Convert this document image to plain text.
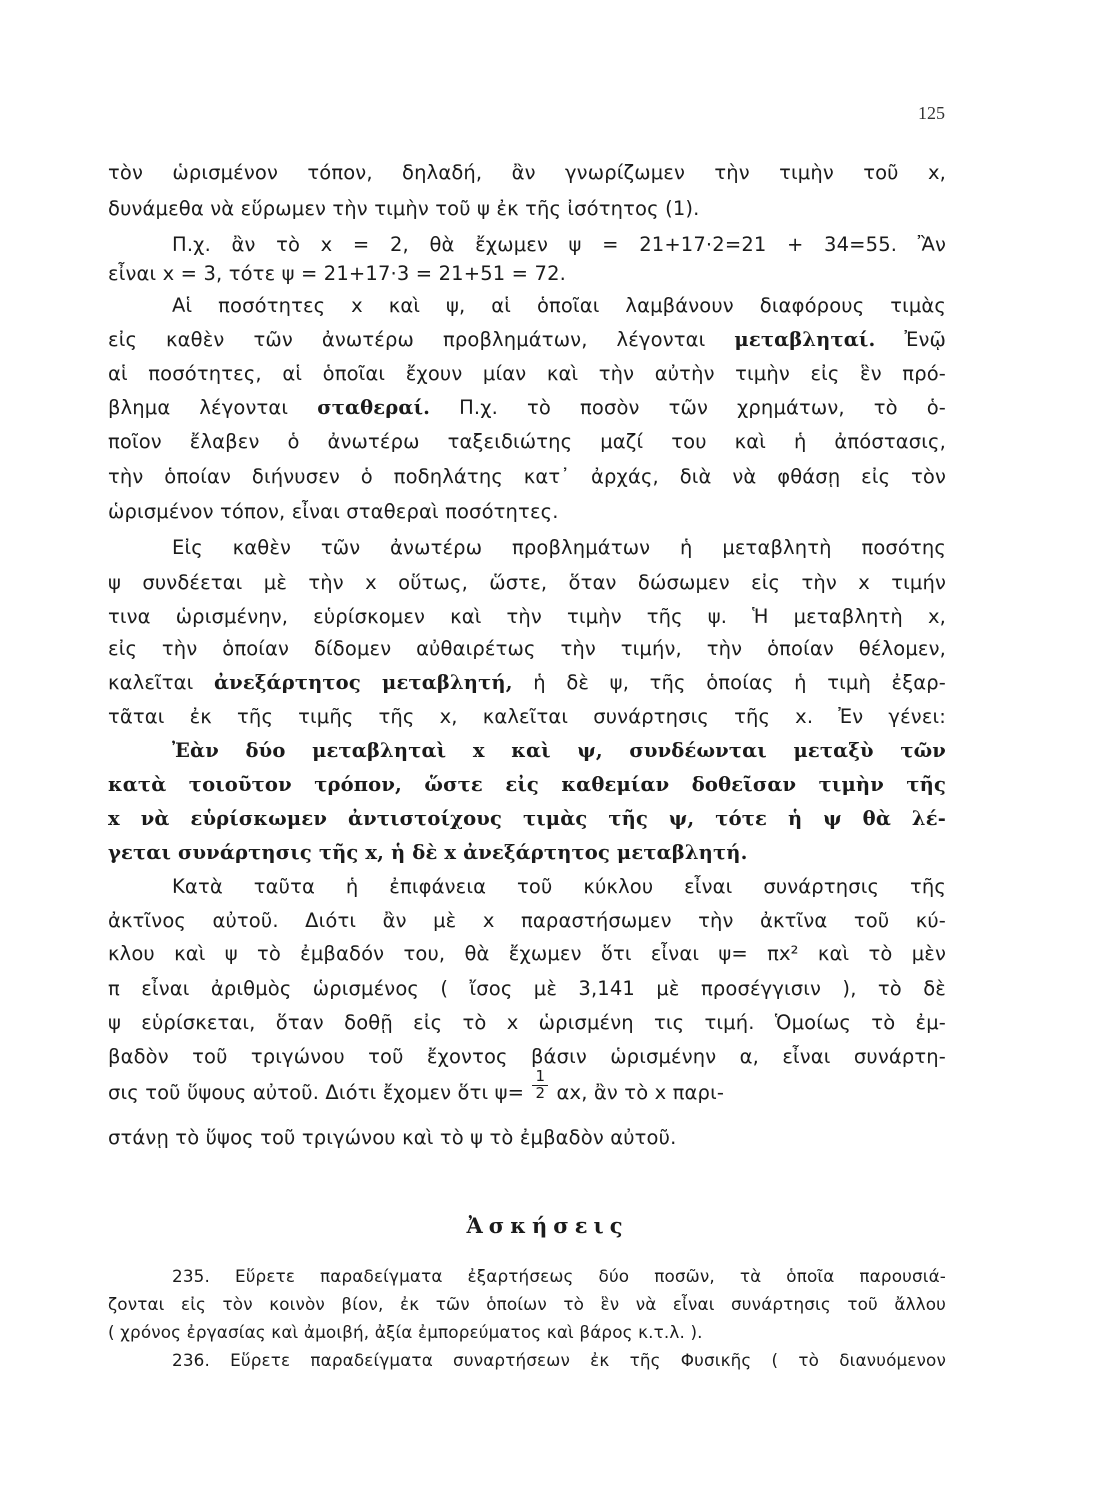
125
τὸν ὡρισμένον τόπον, δηλαδή, ἂν γνωρίζωμεν τὴν τιμὴν τοῦ x,
δυνάμεθα νὰ εὕρωμεν τὴν τιμὴν τοῦ ψ ἐκ τῆς ἰσότητος (1).
Π.χ. ἂν τὸ x = 2, θὰ ἔχωμεν ψ = 21+17·2=21 + 34=55. Ἂν
εἶναι x = 3, τότε ψ = 21+17·3 = 21+51 = 72.
Αἱ ποσότητες x καὶ ψ, αἱ ὁποῖαι λαμβάνουν διαφόρους τιμὰς
εἰς καθὲν τῶν ἀνωτέρω προβλημάτων, λέγονται μεταβληταί. Ἐνῷ
αἱ ποσότητες, αἱ ὁποῖαι ἔχουν μίαν καὶ τὴν αὐτὴν τιμὴν εἰς ἓν πρό-
βλημα λέγονται σταθεραί. Π.χ. τὸ ποσὸν τῶν χρημάτων, τὸ ὁ-
ποῖον ἔλαβεν ὁ ἀνωτέρω ταξειδιώτης μαζί του καὶ ἡ ἀπόστασις,
τὴν ὁποίαν διήνυσεν ὁ ποδηλάτης κατ᾽ ἀρχάς, διὰ νὰ φθάσῃ εἰς τὸν
ὡρισμένον τόπον, εἶναι σταθεραὶ ποσότητες.
Εἰς καθὲν τῶν ἀνωτέρω προβλημάτων ἡ μεταβλητὴ ποσότης
ψ συνδέεται μὲ τὴν x οὕτως, ὥστε, ὅταν δώσωμεν εἰς τὴν x τιμήν
τινα ὡρισμένην, εὑρίσκομεν καὶ τὴν τιμὴν τῆς ψ. Ἡ μεταβλητὴ x,
εἰς τὴν ὁποίαν δίδομεν αὐθαιρέτως τὴν τιμήν, τὴν ὁποίαν θέλομεν,
καλεῖται ἀνεξάρτητος μεταβλητή, ἡ δὲ ψ, τῆς ὁποίας ἡ τιμὴ ἐξαρ-
τᾶται ἐκ τῆς τιμῆς τῆς x, καλεῖται συνάρτησις τῆς x. Ἐν γένει:
Ἐὰν δύο μεταβληταὶ x καὶ ψ, συνδέωνται μεταξὺ τῶν
κατὰ τοιοῦτον τρόπον, ὥστε εἰς καθεμίαν δοθεῖσαν τιμὴν τῆς
x νὰ εὑρίσκωμεν ἀντιστοίχους τιμὰς τῆς ψ, τότε ἡ ψ θὰ λέ-
γεται συνάρτησις τῆς x, ἡ δὲ x ἀνεξάρτητος μεταβλητή.
Κατὰ ταῦτα ἡ ἐπιφάνεια τοῦ κύκλου εἶναι συνάρτησις τῆς
ἀκτῖνος αὐτοῦ. Διότι ἂν μὲ x παραστήσωμεν τὴν ἀκτῖνα τοῦ κύ-
κλου καὶ ψ τὸ ἐμβαδόν του, θὰ ἔχωμεν ὅτι εἶναι ψ= πx² καὶ τὸ μὲν
π εἶναι ἀριθμὸς ὡρισμένος ( ἴσος μὲ 3,141 μὲ προσέγγισιν ), τὸ δὲ
ψ εὑρίσκεται, ὅταν δοθῇ εἰς τὸ x ὡρισμένη τις τιμή. Ὁμοίως τὸ ἐμ-
βαδὸν τοῦ τριγώνου τοῦ ἔχοντος βάσιν ὡρισμένην α, εἶναι συνάρτη-
σις τοῦ ὕψους αὐτοῦ. Διότι ἔχομεν ὅτι $\psi= \frac{1}{2} \alpha x$, ἂν τὸ x παρι-
στάνῃ τὸ ὕψος τοῦ τριγώνου καὶ τὸ ψ τὸ ἐμβαδὸν αὐτοῦ.
Ἀσκήσεις
235. Εὕρετε παραδείγματα ἐξαρτήσεως δύο ποσῶν, τὰ ὁποῖα παρουσιά-
ζονται εἰς τὸν κοινὸν βίον, ἐκ τῶν ὁποίων τὸ ἓν νὰ εἶναι συνάρτησις τοῦ ἄλλου
( χρόνος ἐργασίας καὶ ἀμοιβή, ἀξία ἐμπορεύματος καὶ βάρος κ.τ.λ. ).
236. Εὕρετε παραδείγματα συναρτήσεων ἐκ τῆς Φυσικῆς ( τὸ διανυόμενον
